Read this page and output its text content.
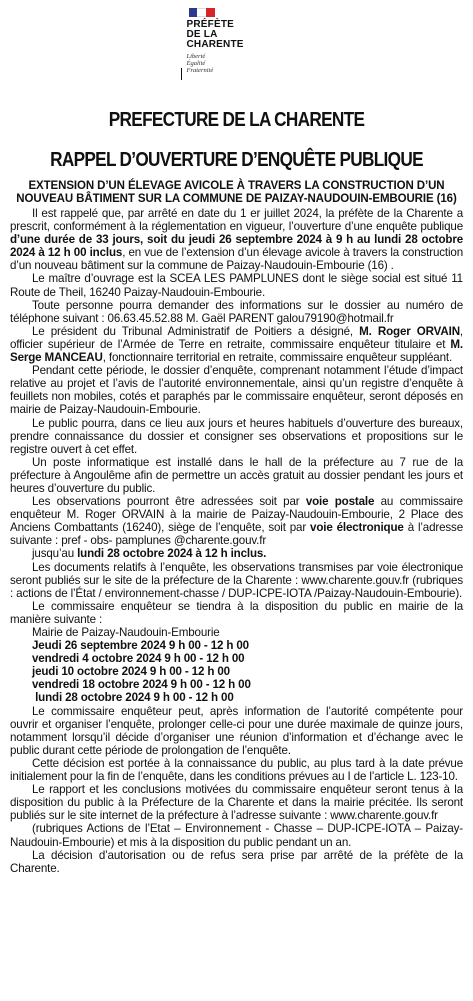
PRÉFÈTE
DE LA
CHARENTE
Liberté
Égalité
Fraternité
PREFECTURE DE LA CHARENTE
RAPPEL D’OUVERTURE D’ENQUÊTE PUBLIQUE
EXTENSION D’UN ÉLEVAGE AVICOLE À TRAVERS LA CONSTRUCTION D’UN NOUVEAU BÂTIMENT SUR LA COMMUNE DE PAIZAY-NAUDOUIN-EMBOURIE (16)

Il est rappelé que, par arrêté en date du 1 er juillet 2024, la préfète de la Charente a prescrit, conformément à la réglementation en vigueur, l’ouverture d’une enquête publique d’une durée de 33 jours, soit du jeudi 26 septembre 2024 à 9 h au lundi 28 octobre 2024 à 12 h 00 inclus, en vue de l’extension d’un élevage avicole à travers la construction d’un nouveau bâtiment sur la commune de Paizay-Naudouin-Embourie (16) .

Le maître d’ouvrage est la SCEA LES PAMPLUNES dont le siège social est situé 11 Route de Theil, 16240 Paizay-Naudouin-Embourie.

Toute personne pourra demander des informations sur le dossier au numéro de téléphone suivant : 06.63.45.52.88 M. Gaël PARENT galou79190@hotmail.fr

Le président du Tribunal Administratif de Poitiers a désigné, M. Roger ORVAIN, officier supérieur de l’Armée de Terre en retraite, commissaire enquêteur titulaire et M. Serge MANCEAU, fonctionnaire territorial en retraite, commissaire enquêteur suppléant.

Pendant cette période, le dossier d’enquête, comprenant notamment l’étude d’impact relative au projet et l’avis de l’autorité environnementale, ainsi qu’un registre d’enquête à feuillets non mobiles, cotés et paraphés par le commissaire enquêteur, seront déposés en mairie de Paizay-Naudouin-Embourie.

Le public pourra, dans ce lieu aux jours et heures habituels d’ouverture des bureaux, prendre connaissance du dossier et consigner ses observations et propositions sur le registre ouvert à cet effet.

Un poste informatique est installé dans le hall de la préfecture au 7 rue de la préfecture à Angoulême afin de permettre un accès gratuit au dossier pendant les jours et heures d’ouverture du public.

Les observations pourront être adressées soit par voie postale au commissaire enquêteur M. Roger ORVAIN à la mairie de Paizay-Naudouin-Embourie, 2 Place des Anciens Combattants (16240), siège de l’enquête, soit par voie électronique à l’adresse suivante : pref - obs- pamplunes @charente.gouv.fr

jusqu’au lundi 28 octobre 2024 à 12 h inclus.

Les documents relatifs à l’enquête, les observations transmises par voie électronique seront publiés sur le site de la préfecture de la Charente : www.charente.gouv.fr (rubriques : actions de l’État / environnement-chasse / DUP-ICPE-IOTA /Paizay-Naudouin-Embourie).

Le commissaire enquêteur se tiendra à la disposition du public en mairie de la manière suivante :

Mairie de Paizay-Naudouin-Embourie
Jeudi 26 septembre 2024 9 h 00 - 12 h 00
vendredi 4 octobre 2024 9 h 00 - 12 h 00
jeudi 10 octobre 2024 9 h 00 - 12 h 00
vendredi 18 octobre 2024 9 h 00 - 12 h 00
lundi 28 octobre 2024 9 h 00 - 12 h 00

Le commissaire enquêteur peut, après information de l’autorité compétente pour ouvrir et organiser l’enquête, prolonger celle-ci pour une durée maximale de quinze jours, notamment lorsqu’il décide d’organiser une réunion d’information et d’échange avec le public durant cette période de prolongation de l’enquête.

Cette décision est portée à la connaissance du public, au plus tard à la date prévue initialement pour la fin de l’enquête, dans les conditions prévues au I de l’article L. 123-10.

Le rapport et les conclusions motivées du commissaire enquêteur seront tenus à la disposition du public à la Préfecture de la Charente et dans la mairie précitée. Ils seront publiés sur le site internet de la préfecture à l’adresse suivante : www.charente.gouv.fr

(rubriques Actions de l’Etat – Environnement - Chasse – DUP-ICPE-IOTA – Paizay-Naudouin-Embourie) et mis à la disposition du public pendant un an.

La décision d’autorisation ou de refus sera prise par arrêté de la préfète de la Charente.
